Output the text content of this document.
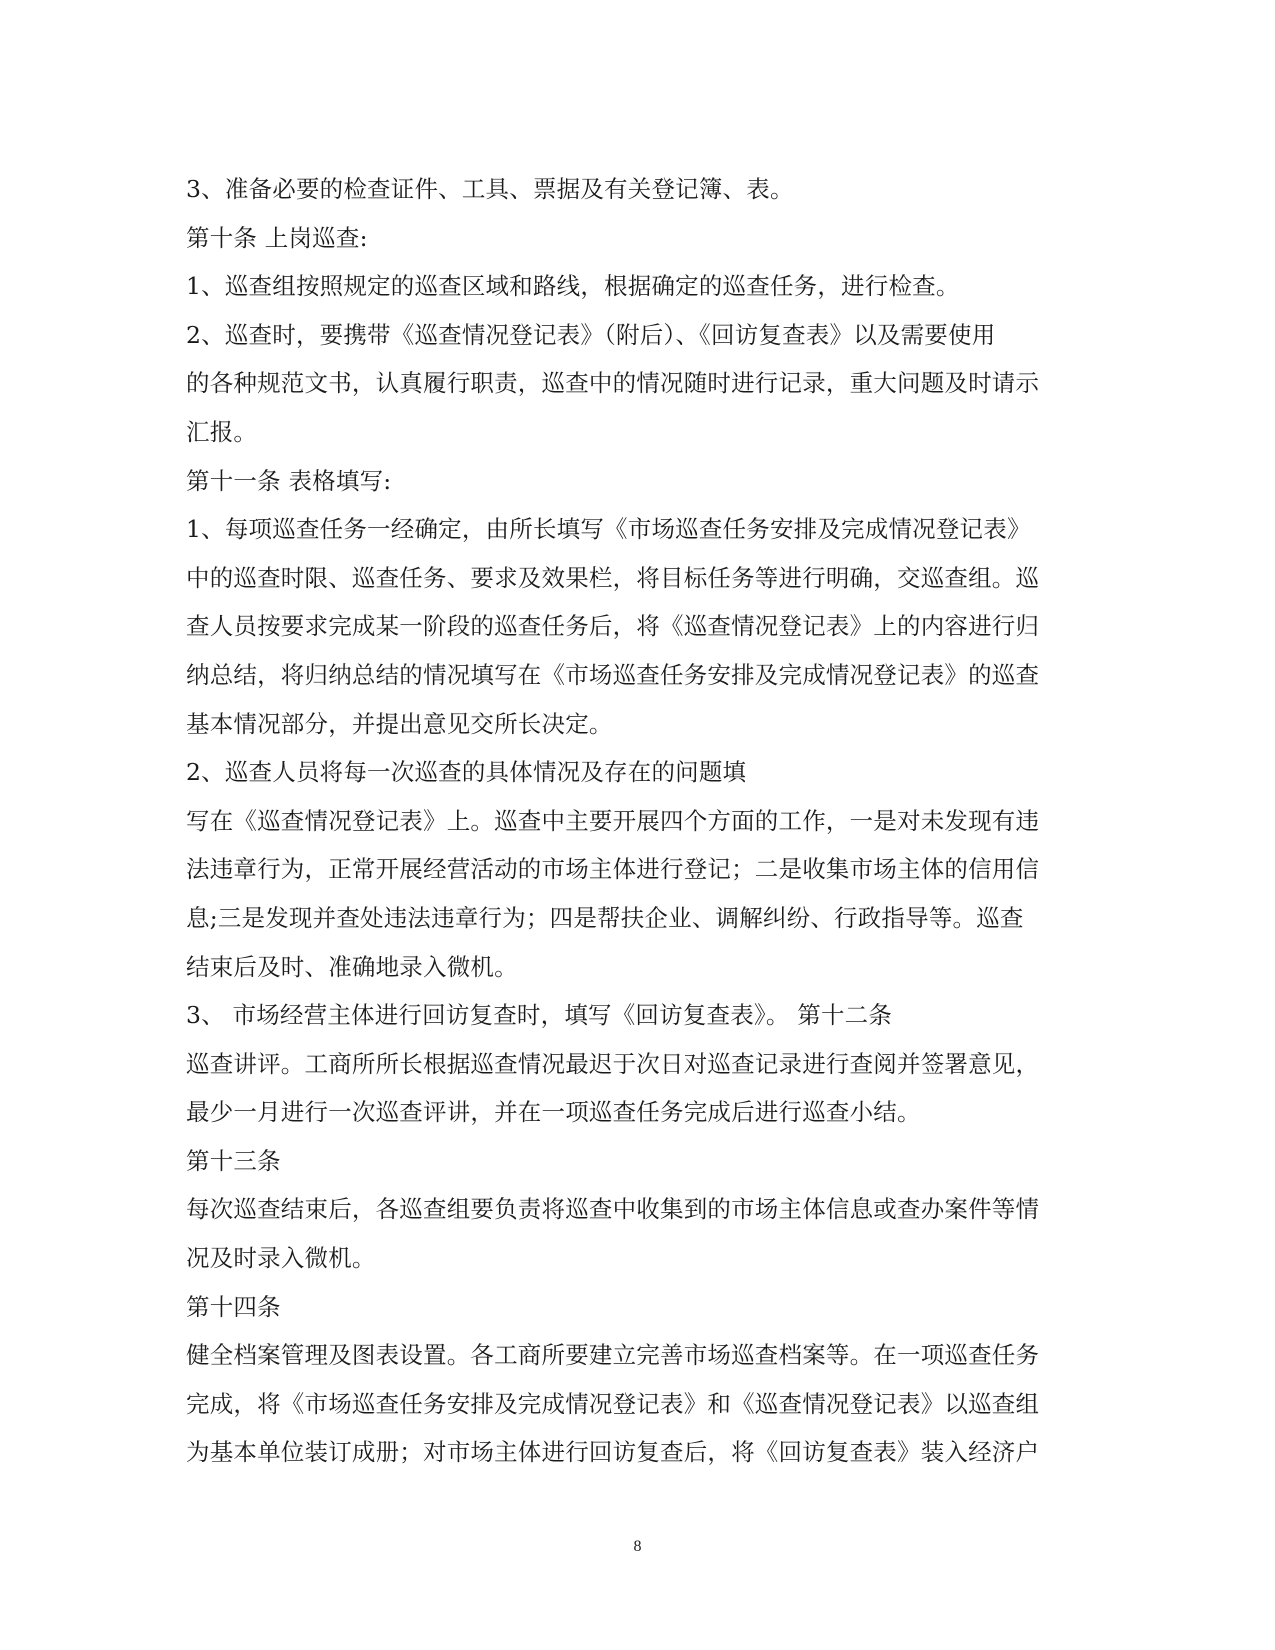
3、准备必要的检查证件、工具、票据及有关登记簿、表。
第十条 上岗巡查:
1、巡查组按照规定的巡查区域和路线，根据确定的巡查任务，进行检查。
2、巡查时，要携带《巡查情况登记表》（附后）、《回访复查表》以及需要使用
的各种规范文书，认真履行职责，巡查中的情况随时进行记录，重大问题及时请示
汇报。
第十一条 表格填写:
1、每项巡查任务一经确定，由所长填写《市场巡查任务安排及完成情况登记表》
中的巡查时限、巡查任务、要求及效果栏，将目标任务等进行明确，交巡查组。巡
查人员按要求完成某一阶段的巡查任务后，将《巡查情况登记表》上的内容进行归
纳总结，将归纳总结的情况填写在《市场巡查任务安排及完成情况登记表》的巡查
基本情况部分，并提出意见交所长决定。
2、巡查人员将每一次巡查的具体情况及存在的问题填
写在《巡查情况登记表》上。巡查中主要开展四个方面的工作，一是对未发现有违
法违章行为，正常开展经营活动的市场主体进行登记；二是收集市场主体的信用信
息;三是发现并查处违法违章行为；四是帮扶企业、调解纠纷、行政指导等。巡查
结束后及时、准确地录入微机。
3、 市场经营主体进行回访复查时，填写《回访复查表》。 第十二条
巡查讲评。工商所所长根据巡查情况最迟于次日对巡查记录进行查阅并签署意见，
最少一月进行一次巡查评讲，并在一项巡查任务完成后进行巡查小结。
第十三条
每次巡查结束后，各巡查组要负责将巡查中收集到的市场主体信息或查办案件等情
况及时录入微机。
第十四条
健全档案管理及图表设置。各工商所要建立完善市场巡查档案等。在一项巡查任务
完成，将《市场巡查任务安排及完成情况登记表》和《巡查情况登记表》以巡查组
为基本单位装订成册；对市场主体进行回访复查后，将《回访复查表》装入经济户
8
